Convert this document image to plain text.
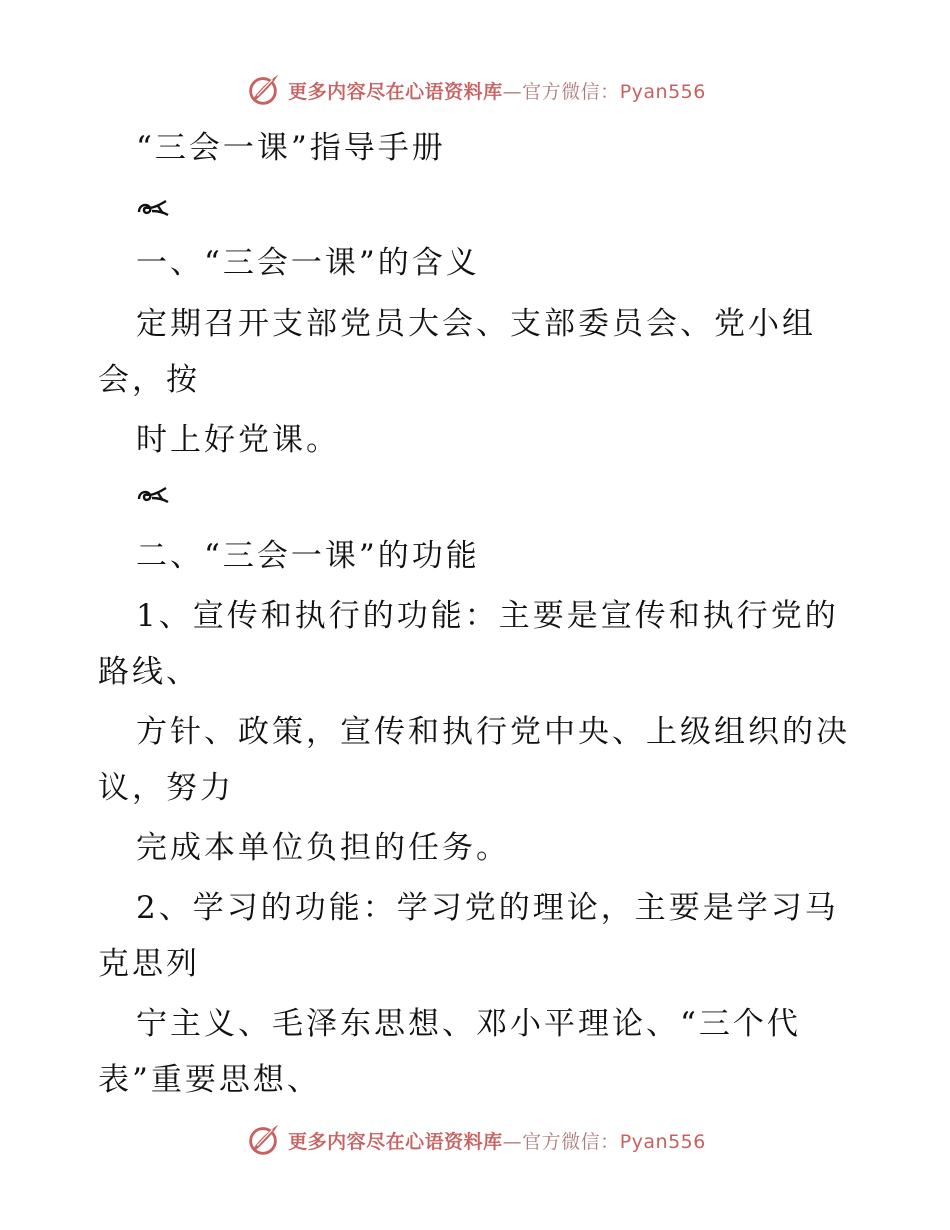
更多内容尽在心语资料库—官方微信：Pyan556
“三会一课”指导手册
一、“三会一课”的含义
定期召开支部党员大会、支部委员会、党小组
会，按
时上好党课。
二、“三会一课”的功能
1、宣传和执行的功能：主要是宣传和执行党的
路线、
方针、政策，宣传和执行党中央、上级组织的决
议，努力
完成本单位负担的任务。
2、学习的功能：学习党的理论，主要是学习马
克思列
宁主义、毛泽东思想、邓小平理论、“三个代
表”重要思想、
更多内容尽在心语资料库—官方微信：Pyan556
